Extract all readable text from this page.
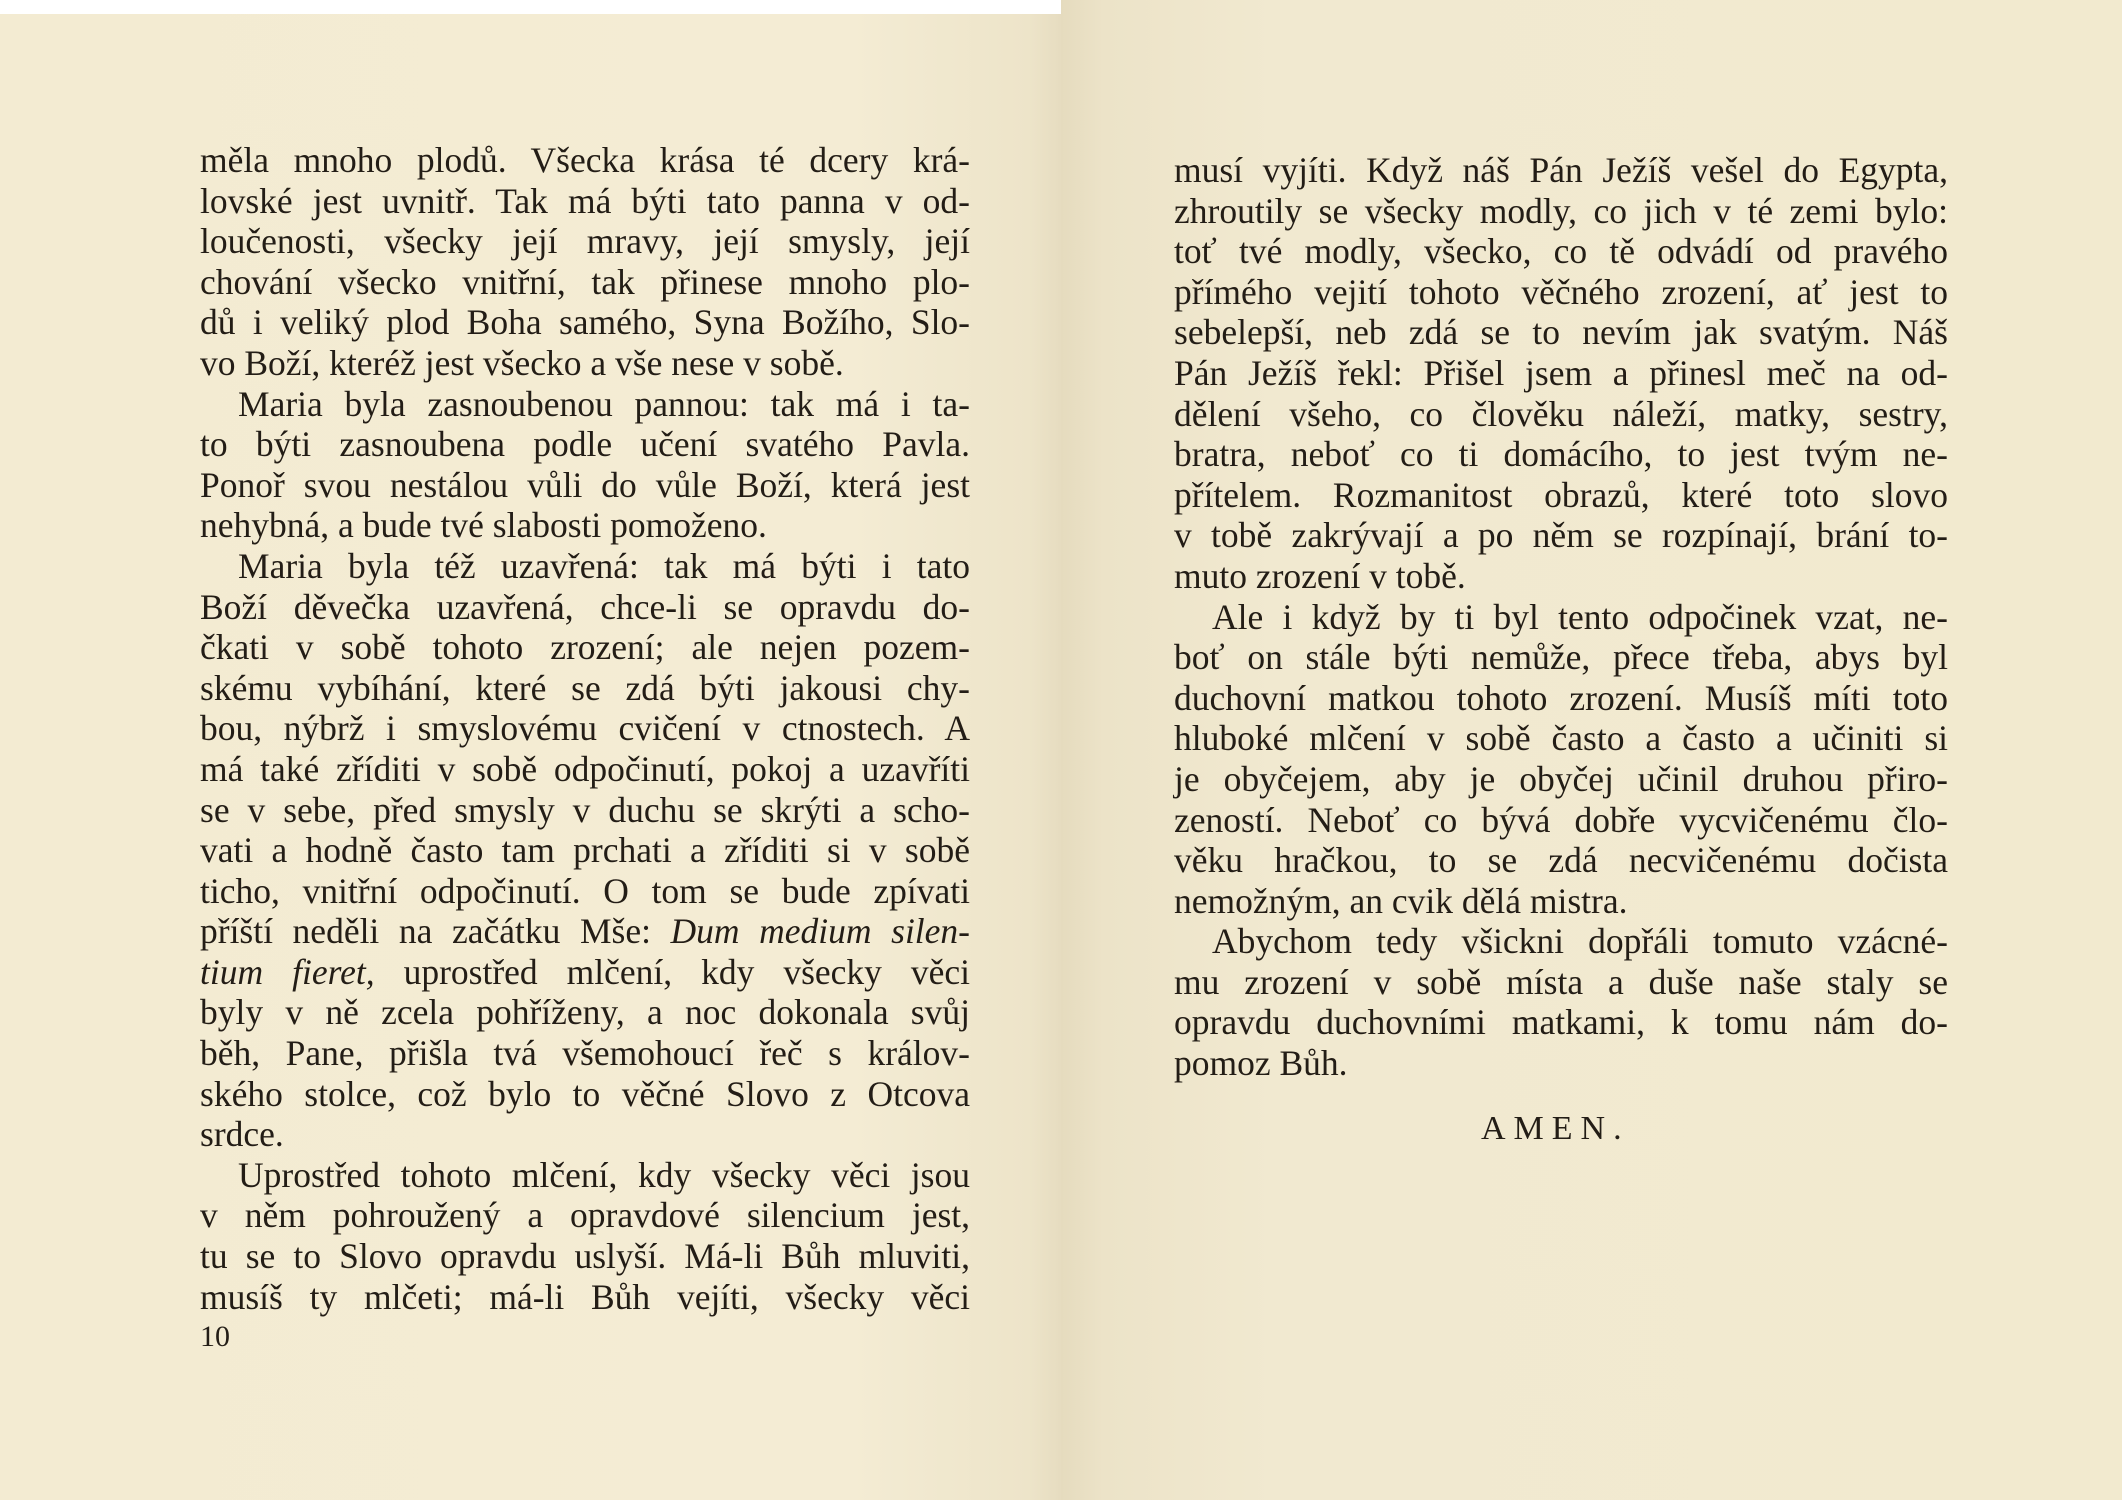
měla mnoho plodů. Všecka krása té dcery krá-
lovské jest uvnitř. Tak má býti tato panna v od-
loučenosti, všecky její mravy, její smysly, její
chování všecko vnitřní, tak přinese mnoho plo-
dů i veliký plod Boha samého, Syna Božího, Slo-
vo Boží, kteréž jest všecko a vše nese v sobě.
Maria byla zasnoubenou pannou: tak má i ta-
to býti zasnoubena podle učení svatého Pavla.
Ponoř svou nestálou vůli do vůle Boží, která jest
nehybná, a bude tvé slabosti pomoženo.
Maria byla též uzavřená: tak má býti i tato
Boží děvečka uzavřená, chce-li se opravdu do-
čkati v sobě tohoto zrození; ale nejen pozem-
skému vybíhání, které se zdá býti jakousi chy-
bou, nýbrž i smyslovému cvičení v ctnostech. A
má také zříditi v sobě odpočinutí, pokoj a uzavříti
se v sebe, před smysly v duchu se skrýti a scho-
vati a hodně často tam prchati a zříditi si v sobě
ticho, vnitřní odpočinutí. O tom se bude zpívati
příští neděli na začátku Mše: Dum medium silen-
tium fieret, uprostřed mlčení, kdy všecky věci
byly v ně zcela pohříženy, a noc dokonala svůj
běh, Pane, přišla tvá všemohoucí řeč s králov-
ského stolce, což bylo to věčné Slovo z Otcova
srdce.
Uprostřed tohoto mlčení, kdy všecky věci jsou
v něm pohroužený a opravdové silencium jest,
tu se to Slovo opravdu uslyší. Má-li Bůh mluviti,
musíš ty mlčeti; má-li Bůh vejíti, všecky věci
10
musí vyjíti. Když náš Pán Ježíš vešel do Egypta,
zhroutily se všecky modly, co jich v té zemi bylo:
toť tvé modly, všecko, co tě odvádí od pravého
přímého vejití tohoto věčného zrození, ať jest to
sebelepší, neb zdá se to nevím jak svatým. Náš
Pán Ježíš řekl: Přišel jsem a přinesl meč na od-
dělení všeho, co člověku náleží, matky, sestry,
bratra, neboť co ti domácího, to jest tvým ne-
přítelem. Rozmanitost obrazů, které toto slovo
v tobě zakrývají a po něm se rozpínají, brání to-
muto zrození v tobě.
Ale i když by ti byl tento odpočinek vzat, ne-
boť on stále býti nemůže, přece třeba, abys byl
duchovní matkou tohoto zrození. Musíš míti toto
hluboké mlčení v sobě často a často a učiniti si
je obyčejem, aby je obyčej učinil druhou přiro-
zeností. Neboť co bývá dobře vycvičenému člo-
věku hračkou, to se zdá necvičenému dočista
nemožným, an cvik dělá mistra.
Abychom tedy všickni dopřáli tomuto vzácné-
mu zrození v sobě místa a duše naše staly se
opravdu duchovními matkami, k tomu nám do-
pomoz Bůh.
AMEN.
